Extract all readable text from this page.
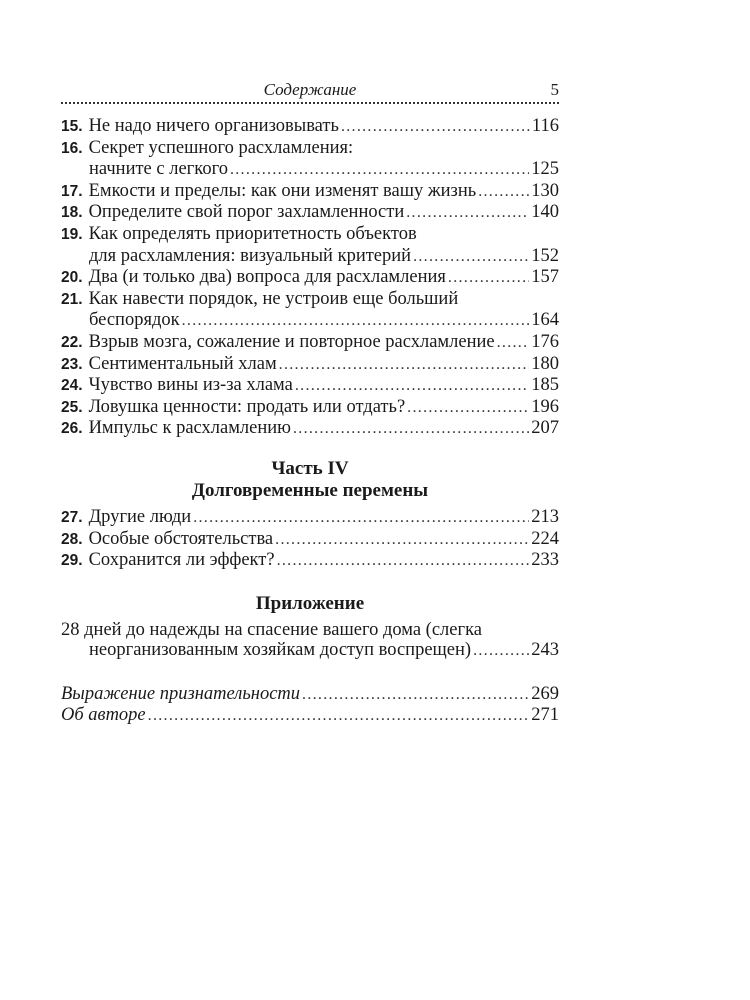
Содержание	5
15. Не надо ничего организовывать .....	116
16. Секрет успешного расхламления:
начните с легкого .....	125
17. Емкости и пределы: как они изменят вашу жизнь .....	130
18. Определите свой порог захламленности .....	140
19. Как определять приоритетность объектов
для расхламления: визуальный критерий .....	152
20. Два (и только два) вопроса для расхламления .....	157
21. Как навести порядок, не устроив еще больший
беспорядок .....	164
22. Взрыв мозга, сожаление и повторное расхламление ..... 176
23. Сентиментальный хлам .....	180
24. Чувство вины из-за хлама .....	185
25. Ловушка ценности: продать или отдать? .....	196
26. Импульс к расхламлению .....	207
Часть IV
Долговременные перемены
27. Другие люди .....	213
28. Особые обстоятельства .....	224
29. Сохранится ли эффект? .....	233
Приложение
28 дней до надежды на спасение вашего дома (слегка
неорганизованным хозяйкам доступ воспрещен) .....	243
Выражение признательности .....	269
Об авторе .....	271
